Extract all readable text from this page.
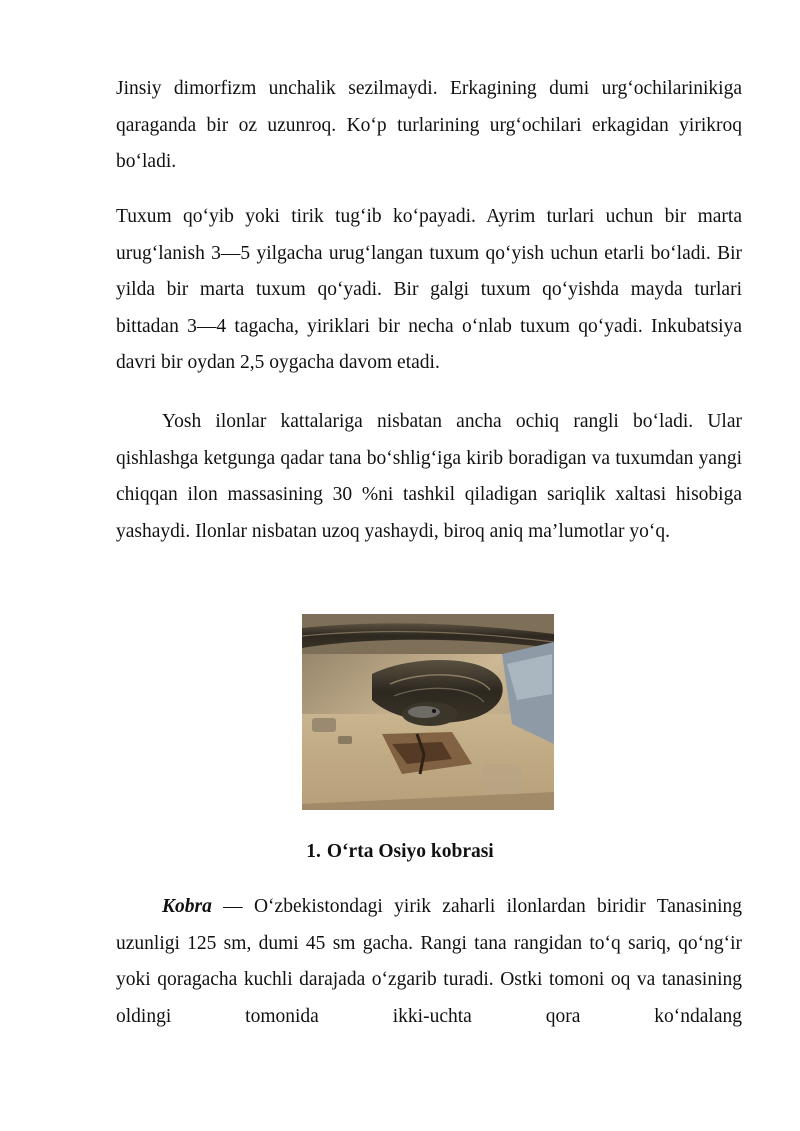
Jinsiy dimorfizm unchalik sezilmaydi. Erkagining dumi urg‘ochilarinikiga qaraganda bir oz uzunroq. Ko‘p turlarining urg‘ochilari erkagidan yirikroq bo‘ladi.

Tuxum qo‘yib yoki tirik tug‘ib ko‘payadi. Ayrim turlari uchun bir marta urug‘lanish 3—5 yilgacha urug‘langan tuxum qo‘yish uchun etarli bo‘ladi. Bir yilda bir marta tuxum qo‘yadi. Bir galgi tuxum qo‘yishda mayda turlari bittadan 3—4 tagacha, yiriklari bir necha o‘nlab tuxum qo‘yadi. Inkubatsiya davri bir oydan 2,5 oygacha davom etadi.

Yosh ilonlar kattalariga nisbatan ancha ochiq rangli bo‘ladi. Ular qishlashga ketgunga qadar tana bo‘shlig‘iga kirib boradigan va tuxumdan yangi chiqqan ilon massasining 30 %ni tashkil qiladigan sariqlik xaltasi hisobiga yashaydi. Ilonlar nisbatan uzoq yashaydi, biroq aniq ma’lumotlar yo‘q.

1. O‘rta Osiyo kobrasi

Kobra — O‘zbekistondagi yirik zaharli ilonlardan biridir Tanasining uzunligi 125 sm, dumi 45 sm gacha. Rangi tana rangidan to‘q sariq, qo‘ng‘ir yoki qoragacha kuchli darajada o‘zgarib turadi. Ostki tomoni oq va tanasining oldingi tomonida ikki-uchta qora ko‘ndalang
